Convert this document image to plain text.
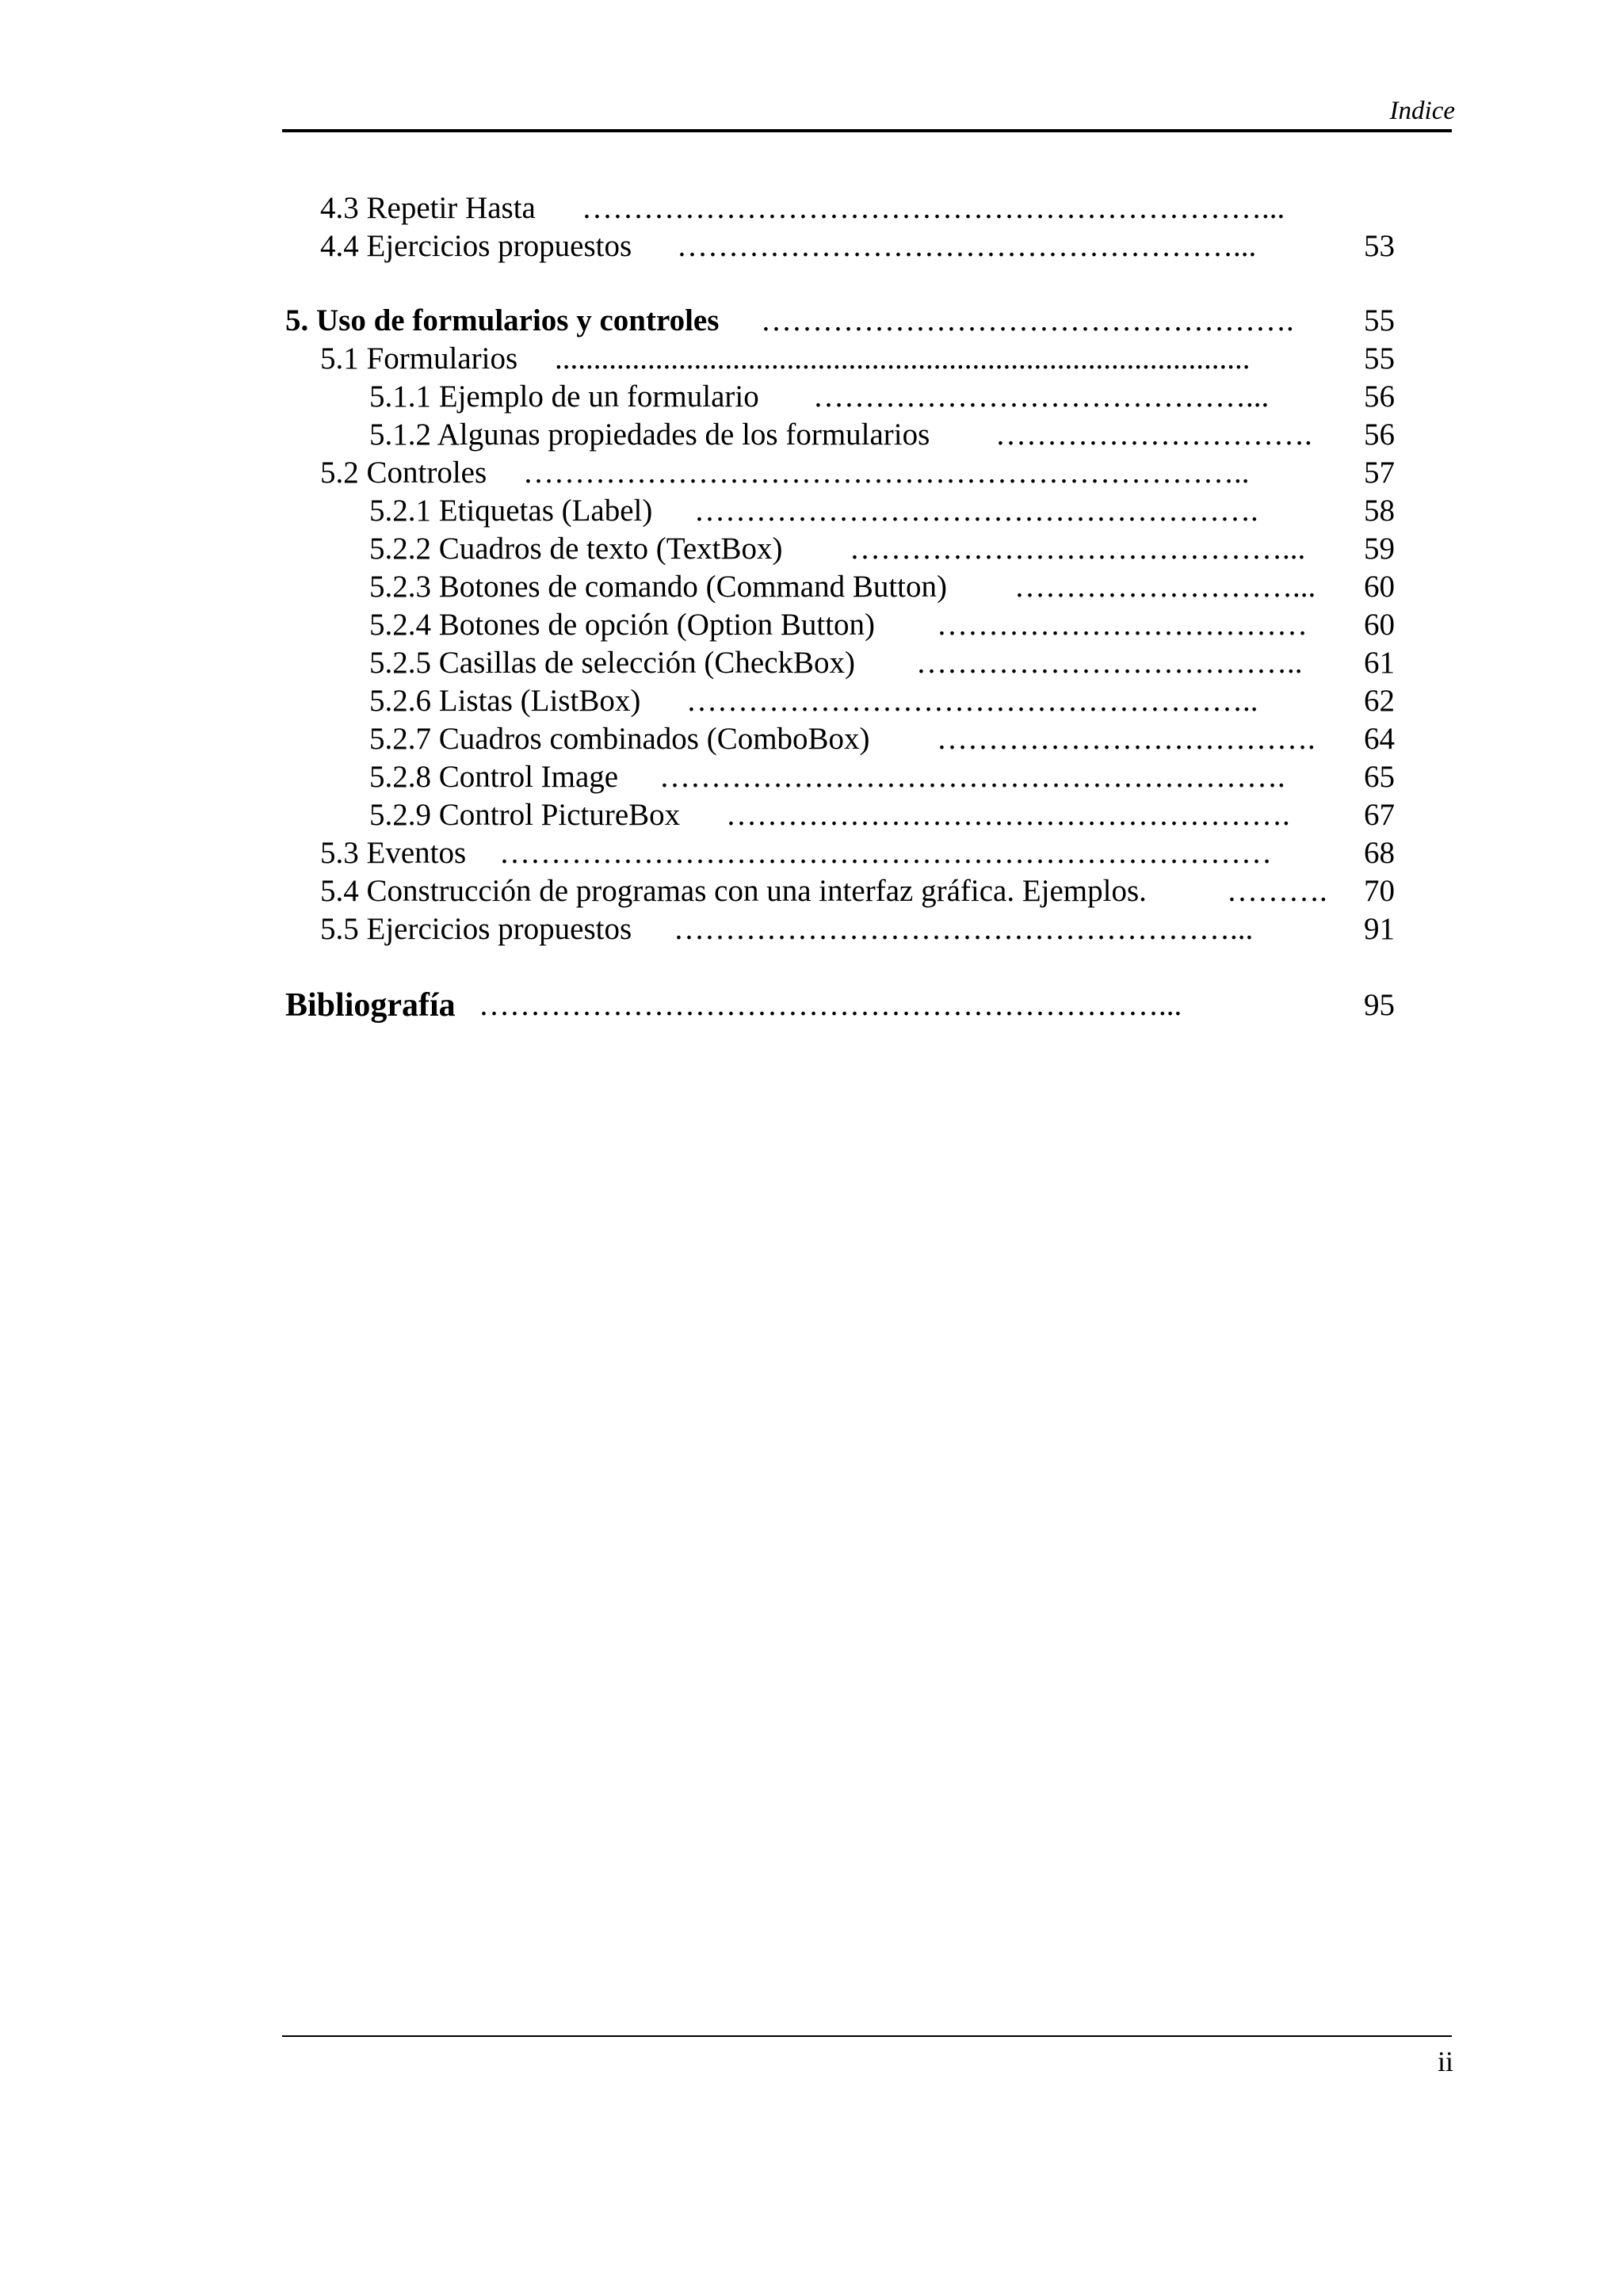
Indice
4.3 Repetir Hasta …………………………………………………………...
4.4 Ejercicios propuestos ………………………………………………...	53
5. Uso de formularios y controles …………………………………………….	55
5.1 Formularios ..........................................................................................	55
5.1.1 Ejemplo de un formulario ……………………………………...	56
5.1.2 Algunas propiedades de los formularios ………………………….	56
5.2 Controles ……………………………………………………………..	57
5.2.1 Etiquetas (Label) ……………………………………………….	58
5.2.2 Cuadros de texto (TextBox) ……………………………………...	59
5.2.3 Botones de comando (Command Button) ………………………...	60
5.2.4 Botones de opción (Option Button) ………………………………	60
5.2.5 Casillas de selección (CheckBox) ………………………………..	61
5.2.6 Listas (ListBox) ………………………………………………..	62
5.2.7 Cuadros combinados (ComboBox) ……………………………….	64
5.2.8 Control Image …………………………………………………….	65
5.2.9 Control PictureBox ……………………………………………….	67
5.3 Eventos …………………………………………………………………	68
5.4 Construcción de programas con una interfaz gráfica. Ejemplos.	……….	70
5.5 Ejercicios propuestos ………………………………………………...	91
Bibliografía …………………………………………………………...	95
ii
